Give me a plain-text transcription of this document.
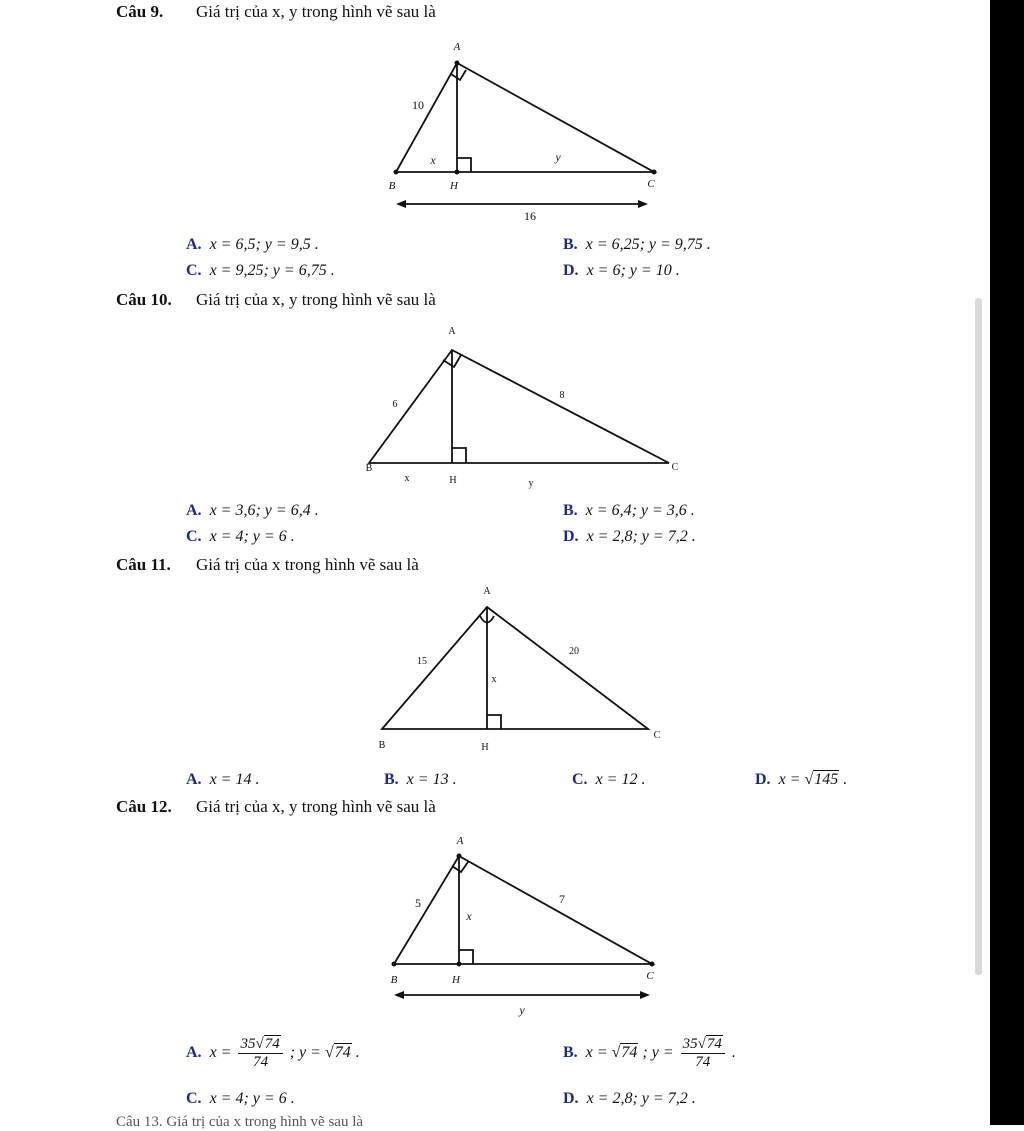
Câu 9. Giá trị của x, y trong hình vẽ sau là
A
B	H	C
10
x	y
16
A. x = 6,5; y = 9,5 .	B. x = 6,25; y = 9,75 .
C. x = 9,25; y = 6,75 .	D. x = 6; y = 10 .
Câu 10. Giá trị của x, y trong hình vẽ sau là
A
B
H
C
6
8
x	y
A. x = 3,6; y = 6,4 .	B. x = 6,4; y = 3,6 .
C. x = 4; y = 6 .	D. x = 2,8; y = 7,2 .
Câu 11. Giá trị của x trong hình vẽ sau là
A
B	H
C
15
20
x
A. x = 14 .	B. x = 13 .	C. x = 12 .	D. x = √145 .
Câu 12. Giá trị của x, y trong hình vẽ sau là
A
B	H	C
5	7
x
y
A. $x = \frac{35√74}{74}$ ; y = √74 .	B. x = √74 ; $y = \frac{35√74}{74}$ .
C. x = 4; y = 6 .	D. x = 2,8; y = 7,2 .
Câu 13. Giá trị của x trong hình vẽ sau là
